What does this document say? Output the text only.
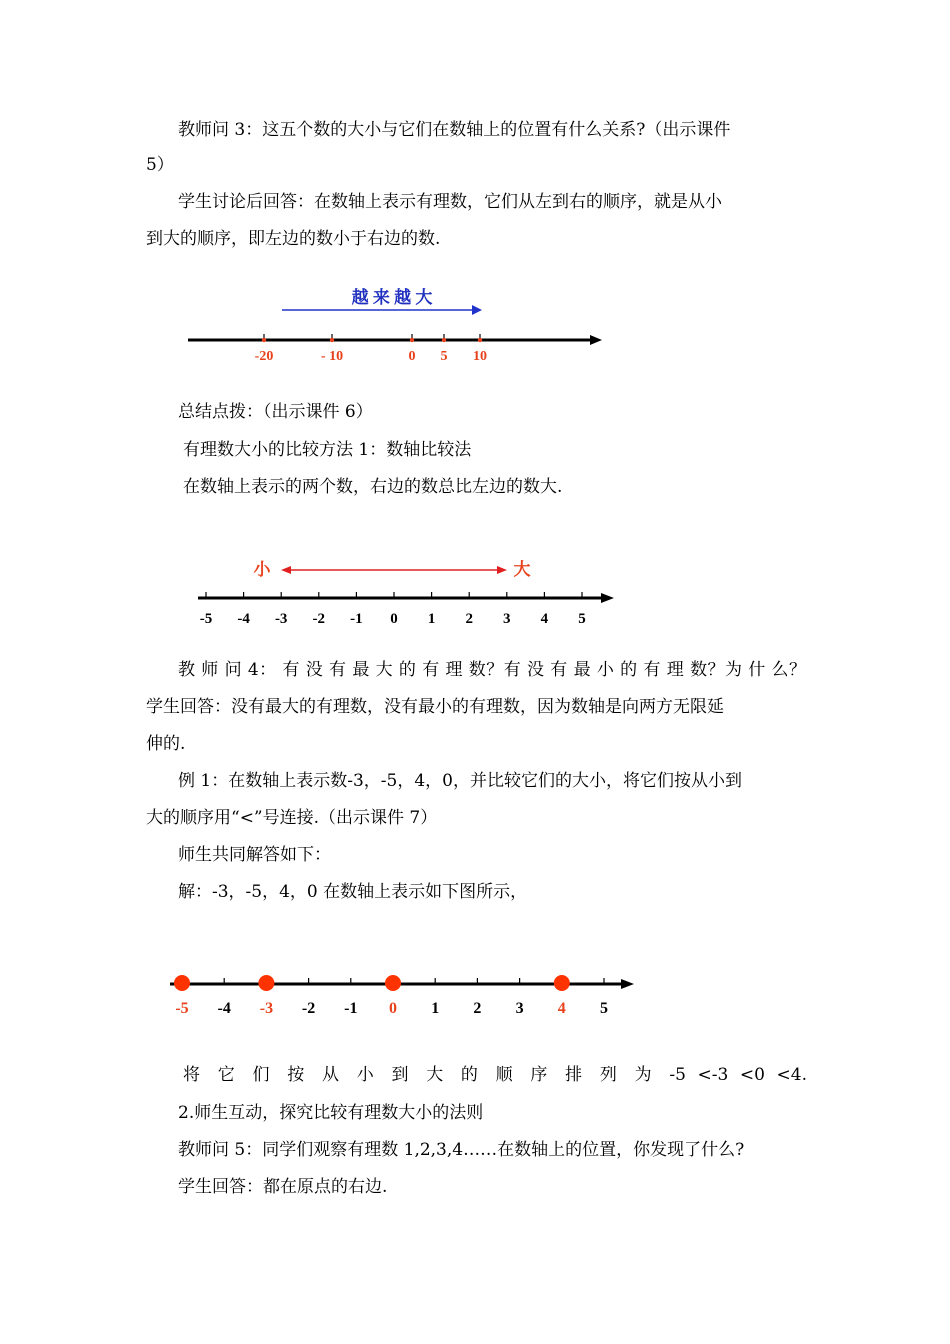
教师问 3：这五个数的大小与它们在数轴上的位置有什么关系?（出示课件
5）
学生讨论后回答：在数轴上表示有理数，它们从左到右的顺序，就是从小
到大的顺序，即左边的数小于右边的数.
-20	- 10	0 5 10
越 来 越 大
总结点拨：（出示课件 6）
有理数大小的比较方法 1：数轴比较法
在数轴上表示的两个数，右边的数总比左边的数大.
-5 -4 -3 -2 -1 0 1 2 3 4 5
小	大
教 师 问 4： 有 没 有 最 大 的 有 理 数？有 没 有 最 小 的 有 理 数？为 什 么？
学生回答：没有最大的有理数，没有最小的有理数，因为数轴是向两方无限延
伸的.
例 1：在数轴上表示数-3，-5，4，0，并比较它们的大小，将它们按从小到
大的顺序用“<”号连接.（出示课件 7）
师生共同解答如下：
解：-3，-5，4，0 在数轴上表示如下图所示，
-5 -4 -3 -2 -1 0 1 2 3 4 5
将 它 们 按 从 小 到 大 的 顺 序 排 列 为 -5 <-3 <0 <4.
2.师生互动，探究比较有理数大小的法则
教师问 5：同学们观察有理数 1,2,3,4……在数轴上的位置，你发现了什么?
学生回答：都在原点的右边.
